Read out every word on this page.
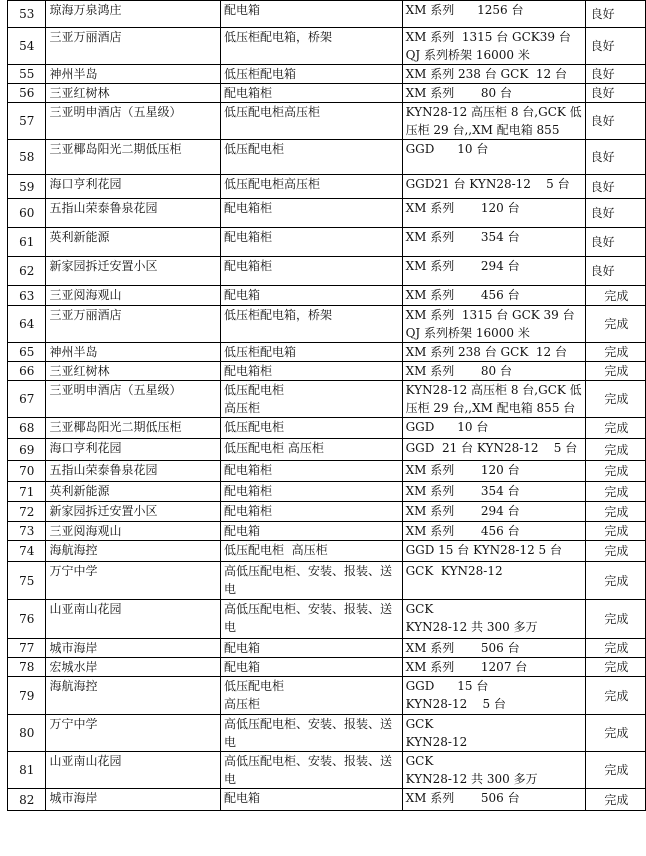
53	琼海万泉鸿庄	配电箱	XM 系列      1256 台	良好
54	三亚万丽酒店	低压柜配电箱，桥架	XM 系列  1315 台 GCK39 台
QJ 系列桥架 16000 米	良好
55	神州半岛	低压柜配电箱	XM 系列 238 台 GCK  12 台	良好
56	三亚红树林	配电箱柜	XM 系列       80 台	良好
57	三亚明申酒店（五星级）	低压配电柜高压柜	KYN28-12 高压柜 8 台,GCK 低
压柜 29 台,,XM 配电箱 855	良好
58	三亚椰岛阳光二期低压柜	低压配电柜	GGD      10 台	良好
59	海口亨利花园	低压配电柜高压柜	GGD21 台 KYN28-12    5 台	良好
60	五指山荣泰鲁泉花园	配电箱柜	XM 系列       120 台	良好
61	英利新能源	配电箱柜	XM 系列       354 台	良好
62	新家园拆迁安置小区	配电箱柜	XM 系列       294 台	良好
63	三亚阅海观山	配电箱	XM 系列       456 台	完成
64	三亚万丽酒店	低压柜配电箱，桥架	XM 系列  1315 台 GCK 39 台
QJ 系列桥架 16000 米	完成
65	神州半岛	低压柜配电箱	XM 系列 238 台 GCK  12 台	完成
66	三亚红树林	配电箱柜	XM 系列       80 台	完成
67	三亚明申酒店（五星级）	低压配电柜
高压柜	KYN28-12 高压柜 8 台,GCK 低
压柜 29 台,,XM 配电箱 855 台	完成
68	三亚椰岛阳光二期低压柜	低压配电柜	GGD      10 台	完成
69	海口亨利花园	低压配电柜 高压柜	GGD  21 台 KYN28-12    5 台	完成
70	五指山荣泰鲁泉花园	配电箱柜	XM 系列       120 台	完成
71	英利新能源	配电箱柜	XM 系列       354 台	完成
72	新家园拆迁安置小区	配电箱柜	XM 系列       294 台	完成
73	三亚阅海观山	配电箱	XM 系列       456 台	完成
74	海航海控	低压配电柜  高压柜	GGD 15 台 KYN28-12 5 台	完成
75	万宁中学	高低压配电柜、安装、报装、送
电	GCK  KYN28-12	完成
76	山亚南山花园	高低压配电柜、安装、报装、送
电	GCK
KYN28-12 共 300 多万	完成
77	城市海岸	配电箱	XM 系列       506 台	完成
78	宏城水岸	配电箱	XM 系列       1207 台	完成
79	海航海控	低压配电柜
高压柜	GGD      15 台
KYN28-12    5 台	完成
80	万宁中学	高低压配电柜、安装、报装、送
电	GCK
KYN28-12	完成
81	山亚南山花园	高低压配电柜、安装、报装、送
电	GCK
KYN28-12 共 300 多万	完成
82	城市海岸	配电箱	XM 系列       506 台	完成
